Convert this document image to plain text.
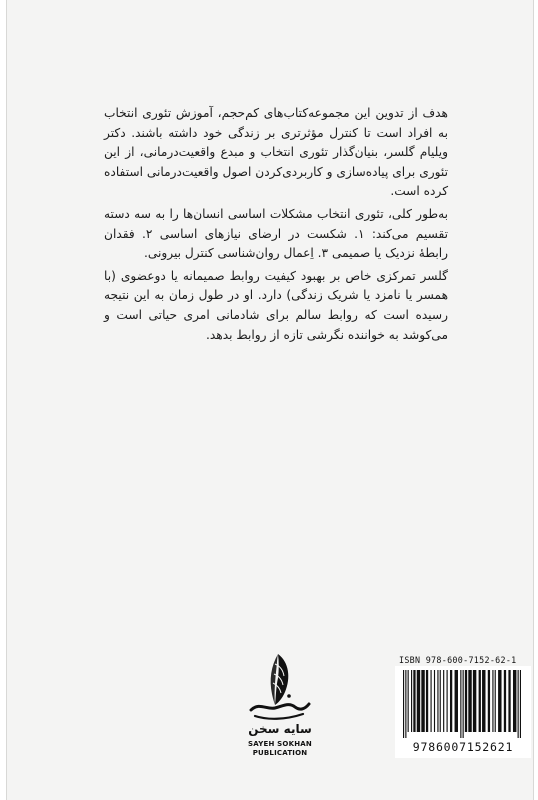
هدف از تدوین این مجموعه‌کتاب‌های کم‌حجم، آموزش تئوری انتخاب به افراد است تا کنترل مؤثرتری بر زندگی خود داشته باشند. دکتر ویلیام گلسر، بنیان‌گذار تئوری انتخاب و مبدع واقعیت‌درمانی، از این تئوری برای پیاده‌سازی و کاربردی‌کردن اصول واقعیت‌درمانی استفاده کرده است.

به‌طور کلی، تئوری انتخاب مشکلات اساسی انسان‌ها را به سه دسته تقسیم می‌کند: ۱. شکست در ارضای نیازهای اساسی ۲. فقدان رابطهٔ نزدیک یا صمیمی ۳. اِعمال روان‌شناسی کنترل بیرونی.

گلسر تمرکزی خاص بر بهبود کیفیت روابط صمیمانه یا دوعضوی (با همسر یا نامزد یا شریک زندگی) دارد. او در طول زمان به این نتیجه رسیده است که روابط سالم برای شادمانی امری حیاتی است و می‌کوشد به خواننده نگرشی تازه از روابط بدهد.

سایه سخن
SAYEH SOKHAN
PUBLICATION
ISBN 978-600-7152-62-1
9786007152621
